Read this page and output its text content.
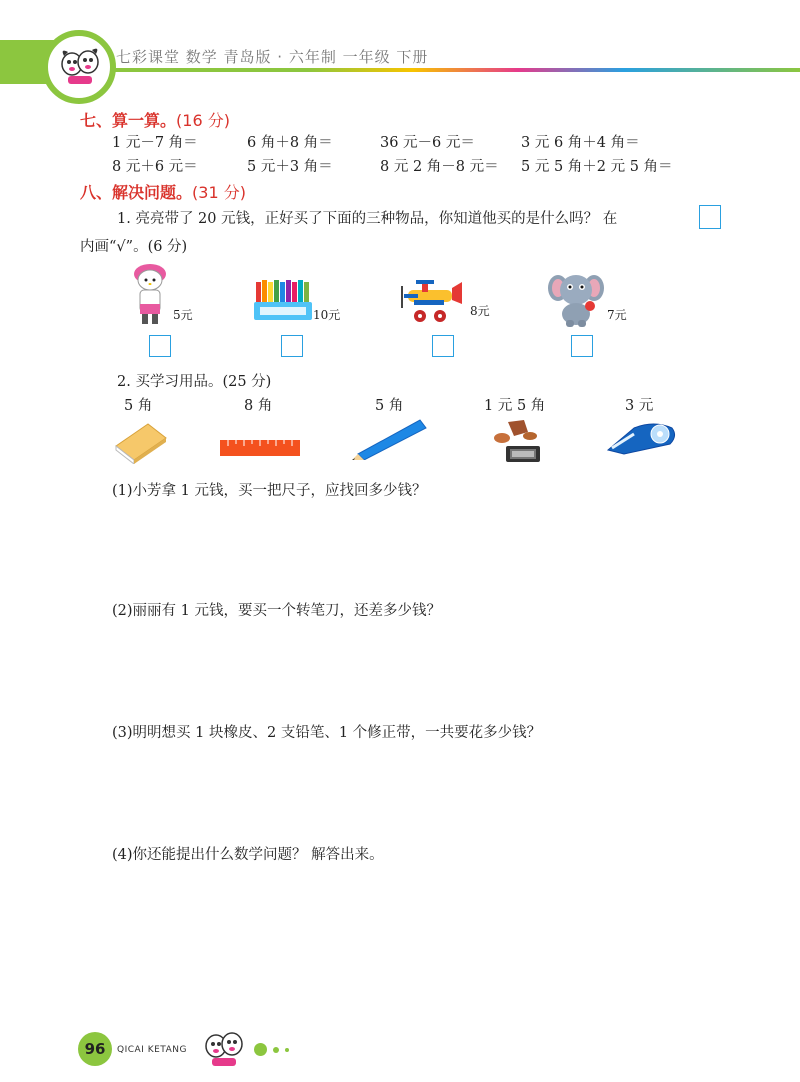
七彩课堂 数学 青岛版 · 六年制 一年级 下册
七、算一算。(16 分)
1 元－7 角＝	6 角＋8 角＝	36 元－6 元＝	3 元 6 角＋4 角＝
8 元＋6 元＝	5 元＋3 角＝	8 元 2 角－8 元＝ 5 元 5 角＋2 元 5 角＝
八、解决问题。(31 分)
1. 亮亮带了 20 元钱，正好买了下面的三种物品，你知道他买的是什么吗？ 在
内画“√”。(6 分)
5元	10元	8元	7元
2. 买学习用品。(25 分)
5 角	8 角	5 角	1 元 5 角	3 元
(1)小芳拿 1 元钱，买一把尺子，应找回多少钱？
(2)丽丽有 1 元钱，要买一个转笔刀，还差多少钱？
(3)明明想买 1 块橡皮、2 支铅笔、1 个修正带，一共要花多少钱？
(4)你还能提出什么数学问题？ 解答出来。
96	QICAI KETANG
